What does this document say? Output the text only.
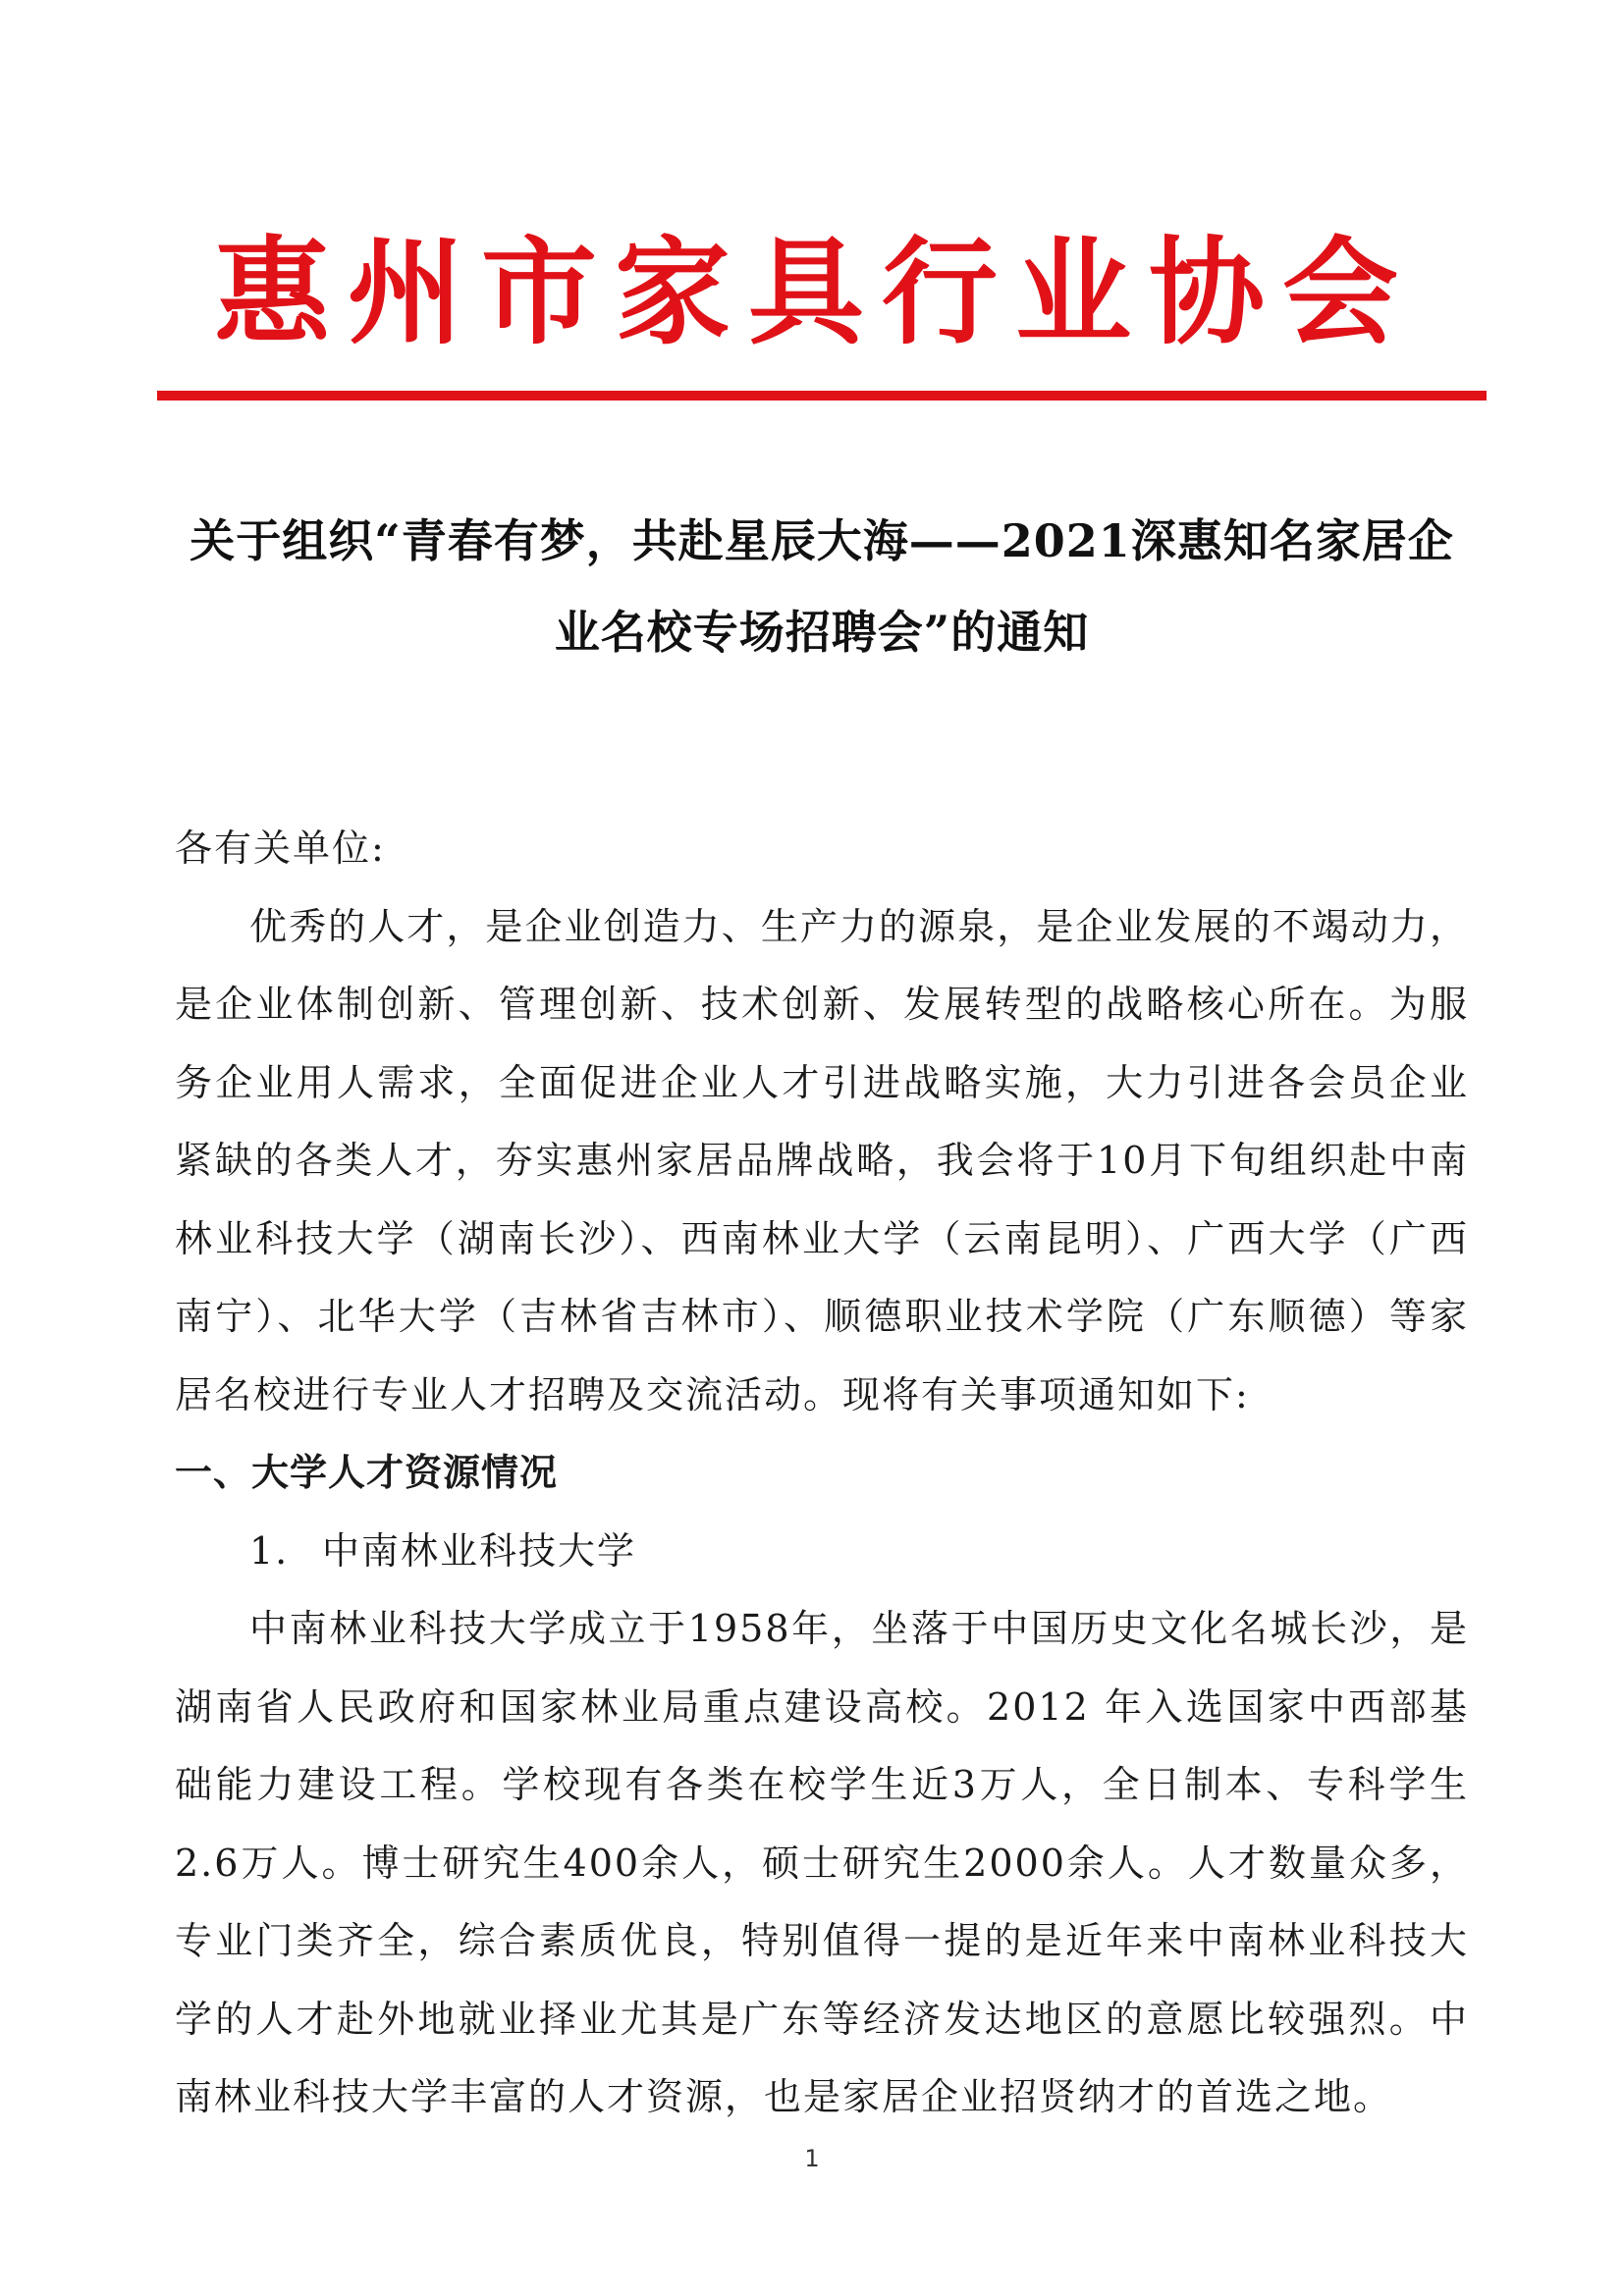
惠州市家具行业协会
关于组织“青春有梦，共赴星辰大海——2021深惠知名家居企业名校专场招聘会”的通知

各有关单位:

优秀的人才，是企业创造力、生产力的源泉，是企业发展的不竭动力，是企业体制创新、管理创新、技术创新、发展转型的战略核心所在。为服务企业用人需求，全面促进企业人才引进战略实施，大力引进各会员企业紧缺的各类人才，夯实惠州家居品牌战略，我会将于10月下旬组织赴中南林业科技大学（湖南长沙）、西南林业大学（云南昆明）、广西大学（广西南宁）、北华大学（吉林省吉林市）、顺德职业技术学院（广东顺德）等家居名校进行专业人才招聘及交流活动。现将有关事项通知如下:

一、大学人才资源情况

1. 中南林业科技大学

中南林业科技大学成立于1958年，坐落于中国历史文化名城长沙，是湖南省人民政府和国家林业局重点建设高校。2012 年入选国家中西部基础能力建设工程。学校现有各类在校学生近3万人，全日制本、专科学生2.6万人。博士研究生400余人，硕士研究生2000余人。人才数量众多，专业门类齐全，综合素质优良，特别值得一提的是近年来中南林业科技大学的人才赴外地就业择业尤其是广东等经济发达地区的意愿比较强烈。中南林业科技大学丰富的人才资源，也是家居企业招贤纳才的首选之地。

1
